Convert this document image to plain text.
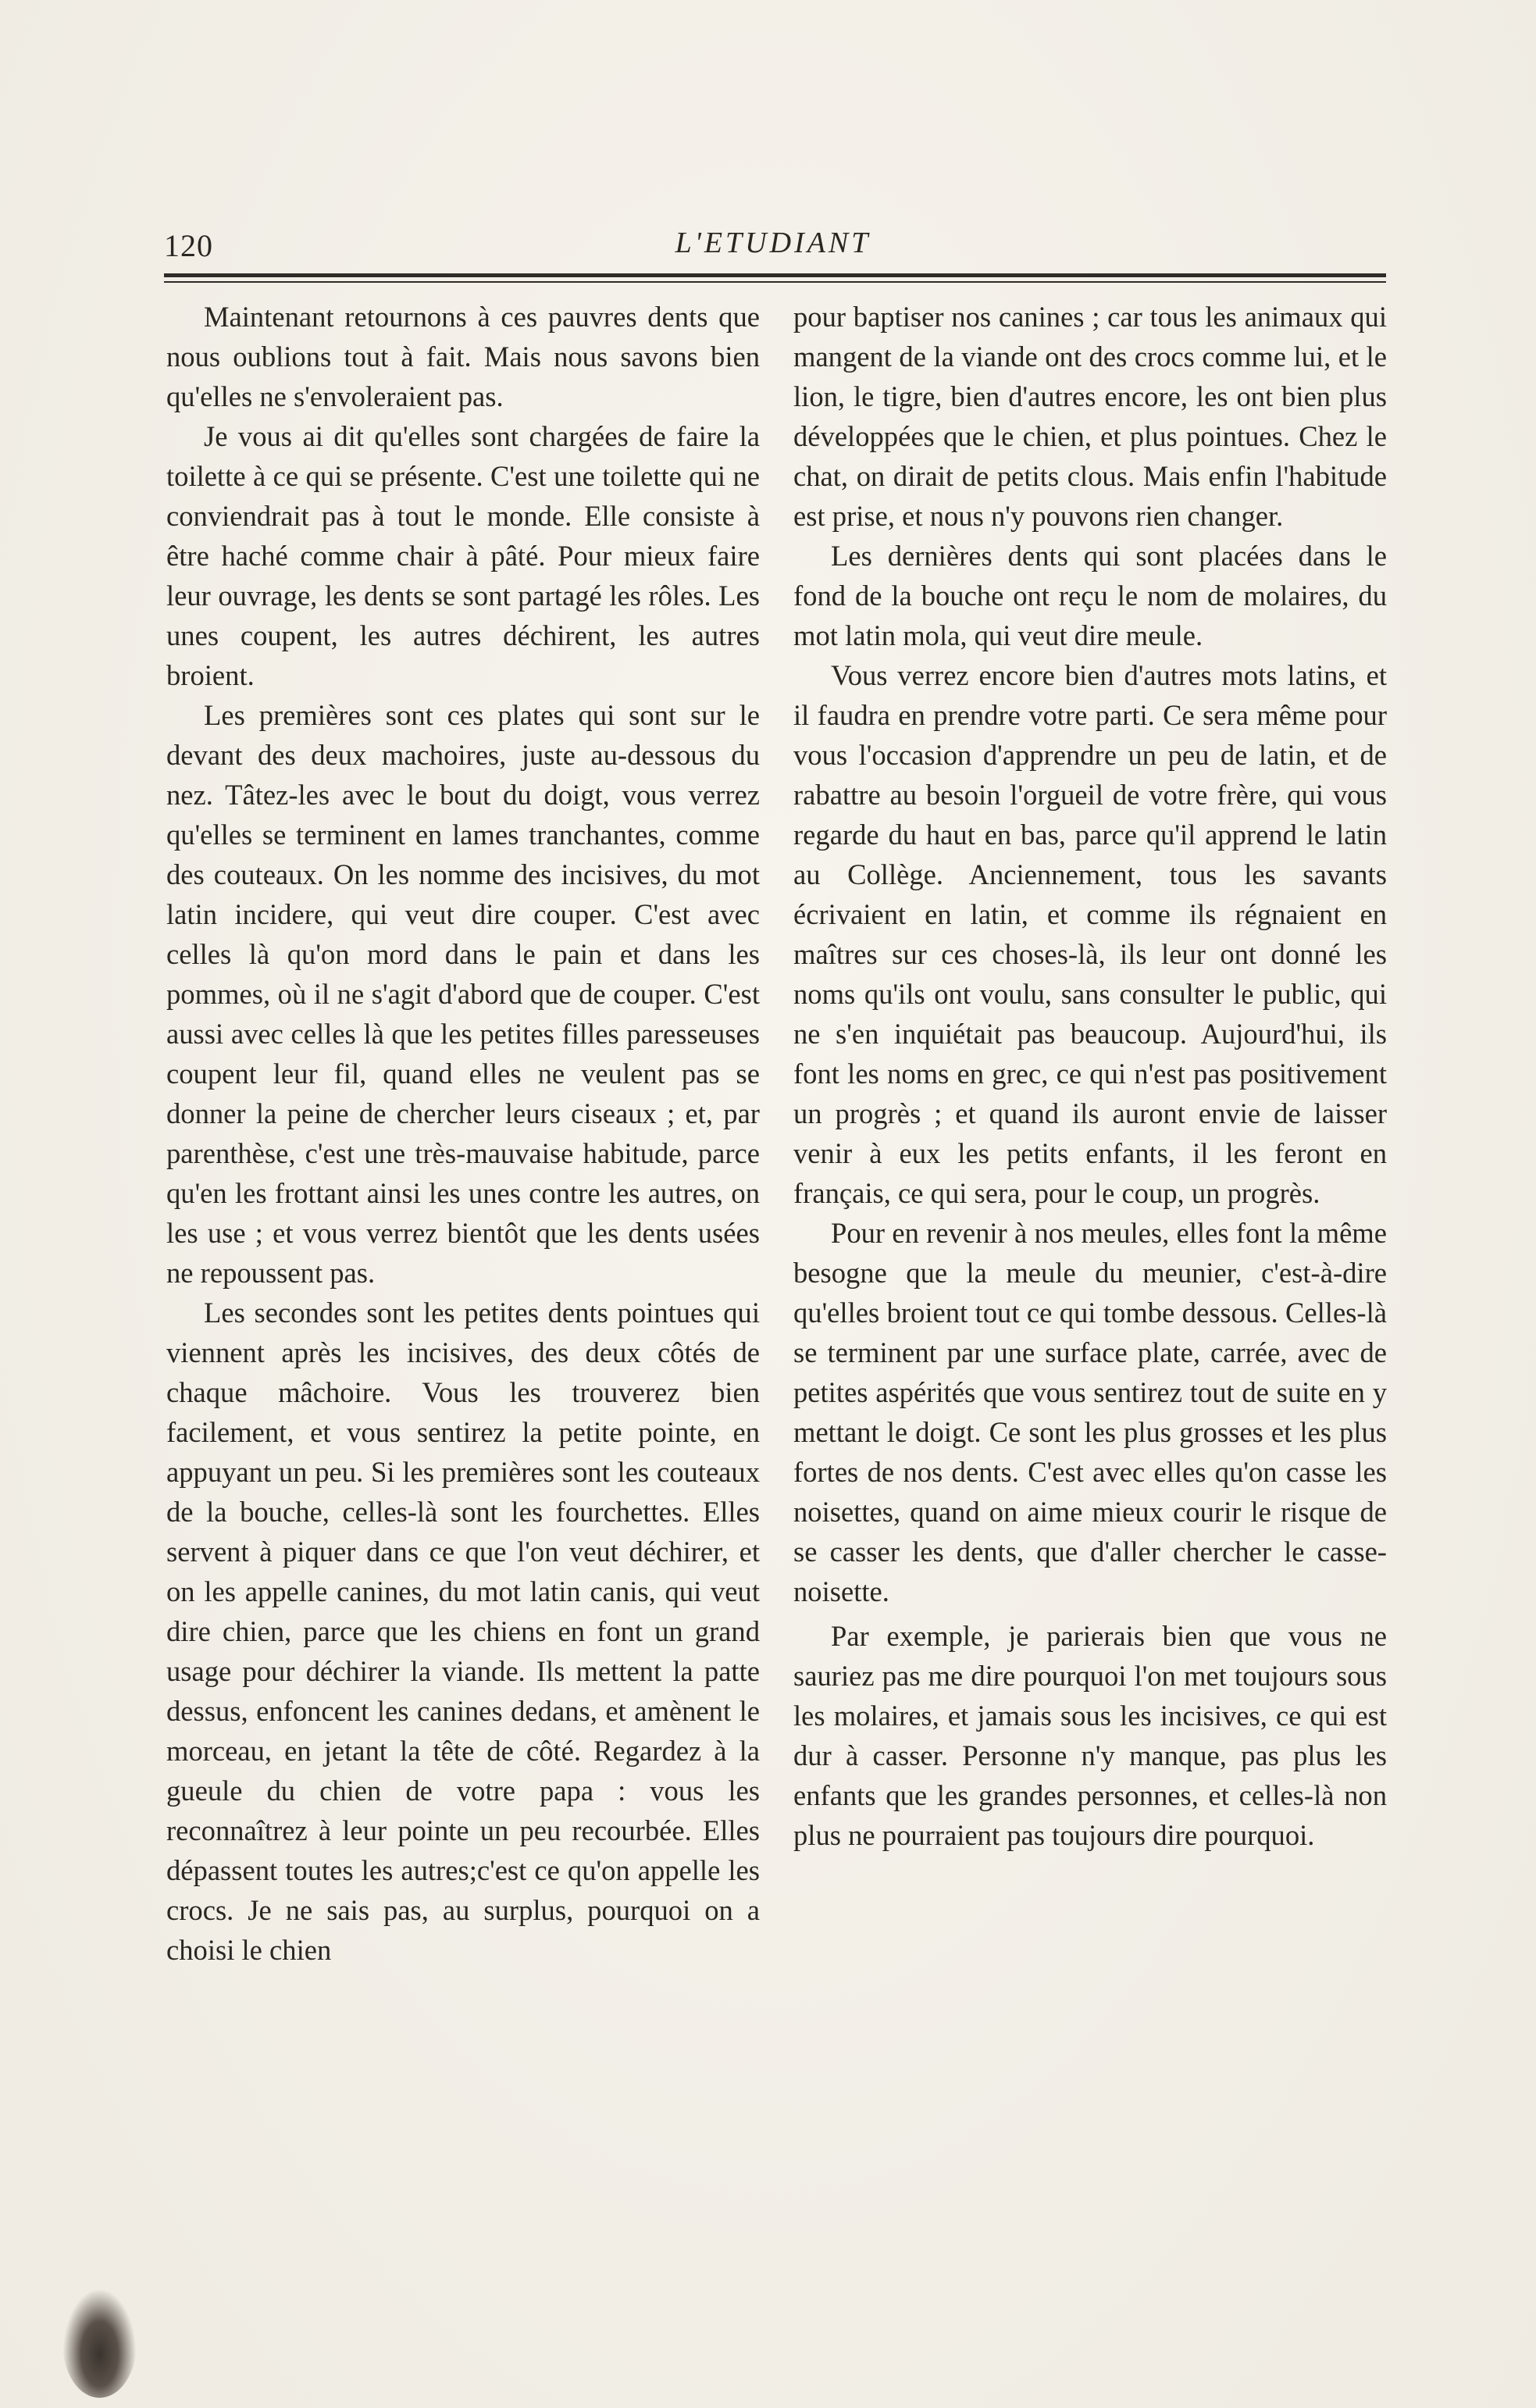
120	L'ETUDIANT

Maintenant retournons à ces pauvres dents que nous oublions tout à fait. Mais nous savons bien qu'elles ne s'envoleraient pas.

Je vous ai dit qu'elles sont chargées de faire la toilette à ce qui se présente. C'est une toilette qui ne conviendrait pas à tout le monde. Elle consiste à être haché comme chair à pâté. Pour mieux faire leur ouvrage, les dents se sont partagé les rôles. Les unes coupent, les autres déchirent, les autres broient.

Les premières sont ces plates qui sont sur le devant des deux machoires, juste au-dessous du nez. Tâtez-les avec le bout du doigt, vous verrez qu'elles se terminent en lames tranchantes, comme des couteaux. On les nomme des incisives, du mot latin incidere, qui veut dire couper. C'est avec celles là qu'on mord dans le pain et dans les pommes, où il ne s'agit d'abord que de couper. C'est aussi avec celles là que les petites filles paresseuses coupent leur fil, quand elles ne veulent pas se donner la peine de chercher leurs ciseaux ; et, par parenthèse, c'est une très-mauvaise habitude, parce qu'en les frottant ainsi les unes contre les autres, on les use ; et vous verrez bientôt que les dents usées ne repoussent pas.

Les secondes sont les petites dents pointues qui viennent après les incisives, des deux côtés de chaque mâchoire. Vous les trouverez bien facilement, et vous sentirez la petite pointe, en appuyant un peu. Si les premières sont les couteaux de la bouche, celles-là sont les fourchettes. Elles servent à piquer dans ce que l'on veut déchirer, et on les appelle canines, du mot latin canis, qui veut dire chien, parce que les chiens en font un grand usage pour déchirer la viande. Ils mettent la patte dessus, enfoncent les canines dedans, et amènent le morceau, en jetant la tête de côté. Regardez à la gueule du chien de votre papa : vous les reconnaîtrez à leur pointe un peu recourbée. Elles dépassent toutes les autres;c'est ce qu'on appelle les crocs. Je ne sais pas, au surplus, pourquoi on a choisi le chien

pour baptiser nos canines ; car tous les animaux qui mangent de la viande ont des crocs comme lui, et le lion, le tigre, bien d'autres encore, les ont bien plus développées que le chien, et plus pointues. Chez le chat, on dirait de petits clous. Mais enfin l'habitude est prise, et nous n'y pouvons rien changer.

Les dernières dents qui sont placées dans le fond de la bouche ont reçu le nom de molaires, du mot latin mola, qui veut dire meule.

Vous verrez encore bien d'autres mots latins, et il faudra en prendre votre parti. Ce sera même pour vous l'occasion d'apprendre un peu de latin, et de rabattre au besoin l'orgueil de votre frère, qui vous regarde du haut en bas, parce qu'il apprend le latin au Collège. Anciennement, tous les savants écrivaient en latin, et comme ils régnaient en maîtres sur ces choses-là, ils leur ont donné les noms qu'ils ont voulu, sans consulter le public, qui ne s'en inquiétait pas beaucoup. Aujourd'hui, ils font les noms en grec, ce qui n'est pas positivement un progrès ; et quand ils auront envie de laisser venir à eux les petits enfants, il les feront en français, ce qui sera, pour le coup, un progrès.

Pour en revenir à nos meules, elles font la même besogne que la meule du meunier, c'est-à-dire qu'elles broient tout ce qui tombe dessous. Celles-là se terminent par une surface plate, carrée, avec de petites aspérités que vous sentirez tout de suite en y mettant le doigt. Ce sont les plus grosses et les plus fortes de nos dents. C'est avec elles qu'on casse les noisettes, quand on aime mieux courir le risque de se casser les dents, que d'aller chercher le casse-noisette.

Par exemple, je parierais bien que vous ne sauriez pas me dire pourquoi l'on met toujours sous les molaires, et jamais sous les incisives, ce qui est dur à casser. Personne n'y manque, pas plus les enfants que les grandes personnes, et celles-là non plus ne pourraient pas toujours dire pourquoi.
